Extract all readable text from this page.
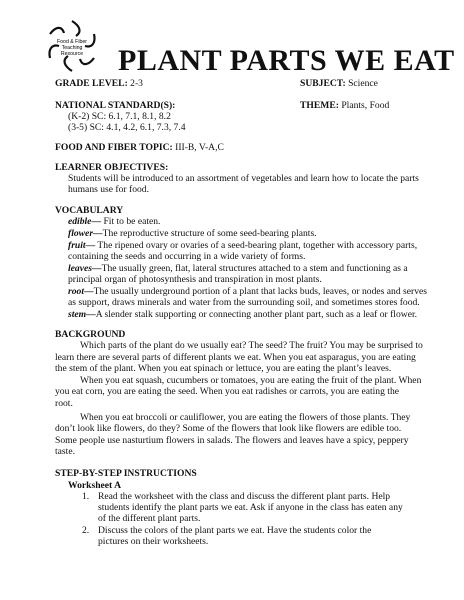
Food & Fiber
Teaching
Resource PLANT PARTS WE EAT
GRADE LEVEL: 2-3	SUBJECT: Science
NATIONAL STANDARD(S):	THEME: Plants, Food
(K-2) SC: 6.1, 7.1, 8.1, 8.2
(3-5) SC: 4.1, 4.2, 6.1, 7.3, 7.4
FOOD AND FIBER TOPIC: III-B, V-A,C
LEARNER OBJECTIVES:
Students will be introduced to an assortment of vegetables and learn how to locate the parts
humans use for food.
VOCABULARY
edible— Fit to be eaten.
flower—The reproductive structure of some seed-bearing plants.
fruit— The ripened ovary or ovaries of a seed-bearing plant, together with accessory parts,
containing the seeds and occurring in a wide variety of forms.
leaves—The usually green, flat, lateral structures attached to a stem and functioning as a
principal organ of photosynthesis and transpiration in most plants.
root—The usually underground portion of a plant that lacks buds, leaves, or nodes and serves
as support, draws minerals and water from the surrounding soil, and sometimes stores food.
stem—A slender stalk supporting or connecting another plant part, such as a leaf or flower.
BACKGROUND
Which parts of the plant do we usually eat? The seed? The fruit? You may be surprised to
learn there are several parts of different plants we eat. When you eat asparagus, you are eating
the stem of the plant. When you eat spinach or lettuce, you are eating the plant’s leaves.
When you eat squash, cucumbers or tomatoes, you are eating the fruit of the plant. When
you eat corn, you are eating the seed. When you eat radishes or carrots, you are eating the
root.
When you eat broccoli or cauliflower, you are eating the flowers of those plants. They
don’t look like flowers, do they? Some of the flowers that look like flowers are edible too.
Some people use nasturtium flowers in salads. The flowers and leaves have a spicy, peppery
taste.
STEP-BY-STEP INSTRUCTIONS
Worksheet A
1. Read the worksheet with the class and discuss the different plant parts. Help
students identify the plant parts we eat. Ask if anyone in the class has eaten any
of the different plant parts.
2. Discuss the colors of the plant parts we eat. Have the students color the
pictures on their worksheets.
